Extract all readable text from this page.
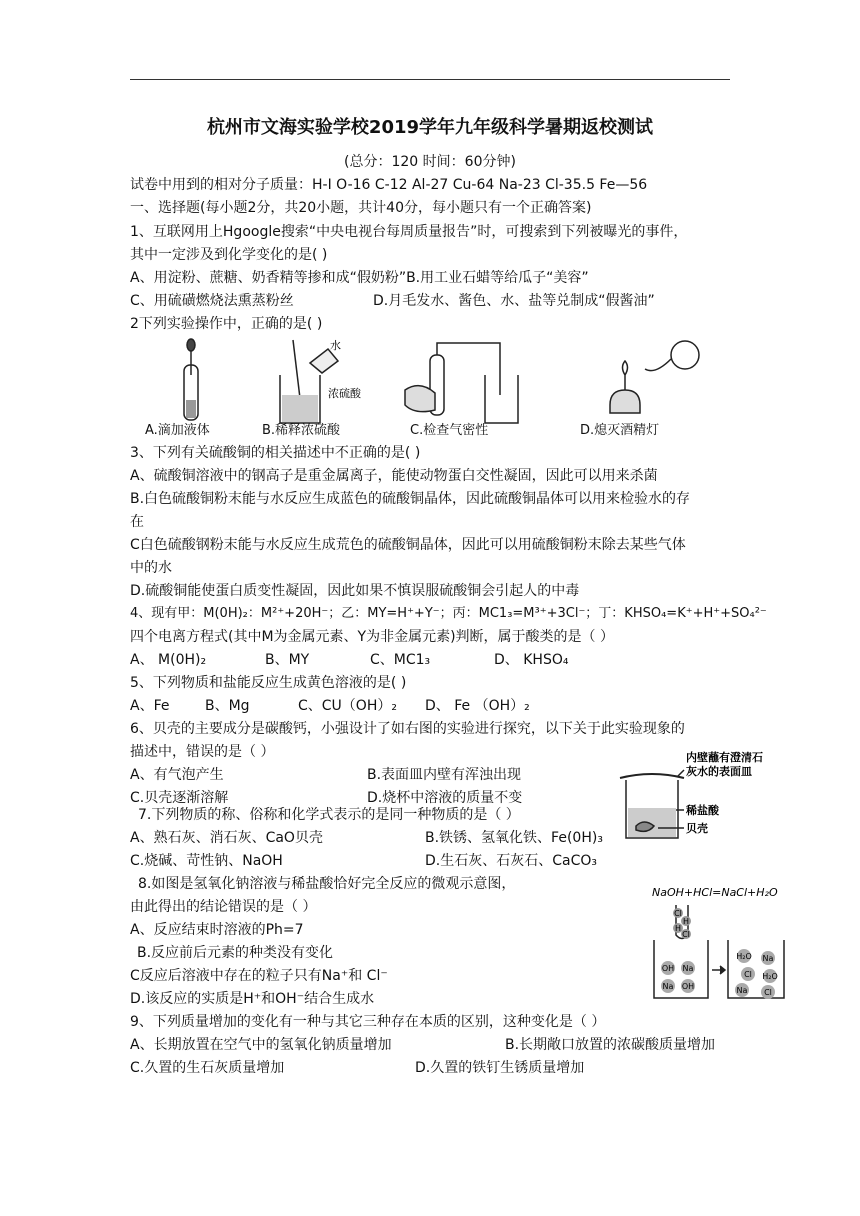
杭州市文海实验学校2019学年九年级科学暑期返校测试
(总分：120 时间：60分钟)
试卷中用到的相对分子质量：H-I O-16 C-12 Al-27 Cu-64 Na-23 Cl-35.5 Fe—56
一、选择题(每小题2分，共20小题，共计40分，每小题只有一个正确答案)
1、互联网用上Hgoogle搜索“中央电视台每周质量报告”时，可搜索到下列被曝光的事件，
其中一定涉及到化学变化的是( )
A、用淀粉、蔗糖、奶香精等掺和成“假奶粉”B.用工业石蜡等给瓜子“美容”
C、用硫磺燃烧法熏蒸粉丝	D.月毛发水、酱色、水、盐等兑制成“假酱油”
2下列实验操作中，正确的是( )
水
浓硫酸
A.滴加液体	B.稀释浓硫酸	C.检查气密性	D.熄灭酒精灯
3、下列有关硫酸铜的相关描述中不正确的是( )
A、硫酸铜溶液中的钢高子是重金属离子，能使动物蛋白交性凝固，因此可以用来杀菌
B.白色硫酸铜粉末能与水反应生成蓝色的硫酸铜晶体，因此硫酸铜晶体可以用来检验水的存
在
C白色硫酸钢粉末能与水反应生成荒色的硫酸铜晶体，因此可以用硫酸铜粉末除去某些气体
中的水
D.硫酸铜能使蛋白质变性凝固，因此如果不慎误服硫酸铜会引起人的中毒
4、现有甲：M(0H)₂：M²⁺+20H⁻；乙：MY=H⁺+Y⁻；丙：MC1₃=M³⁺+3Cl⁻；丁：KHSO₄=K⁺+H⁺+SO₄²⁻
四个电离方程式(其中M为金属元素、Y为非金属元素)判断，属于酸类的是（ ）
A、 M(0H)₂	B、MY	C、MC1₃	D、 KHSO₄
5、下列物质和盐能反应生成黄色溶液的是( )
A、Fe	B、Mg	C、CU（OH）₂ D、 Fe （OH）₂
6、贝壳的主要成分是碳酸钙，小强设计了如右图的实验进行探究，以下关于此实验现象的
描述中，错误的是（ ）
A、有气泡产生	B.表面皿内壁有浑浊出现
C.贝壳逐渐溶解	D.烧杯中溶液的质量不变
内壁蘸有澄清石
灰水的表面皿
稀盐酸
贝壳
7.下列物质的称、俗称和化学式表示的是同一种物质的是（ ）
A、熟石灰、消石灰、CaO贝壳	B.铁锈、氢氧化铁、Fe(0H)₃
C.烧碱、苛性钠、NaOH	D.生石灰、石灰石、CaCO₃
8.如图是氢氧化钠溶液与稀盐酸恰好完全反应的微观示意图，
由此得出的结论错误的是（ ）
A、反应结束时溶液的Ph=7
B.反应前后元素的种类没有变化
C反应后溶液中存在的粒子只有Na⁺和 Cl⁻
D.该反应的实质是H⁺和OH⁻结合生成水
NaOH+HCl=NaCl+H₂O
Cl
H
H
Cl
OH Na
Na OH
H₂O Na
Cl H₂O
Na Cl
9、下列质量增加的变化有一种与其它三种存在本质的区别，这种变化是（ ）
A、长期放置在空气中的氢氧化钠质量增加	B.长期敞口放置的浓碳酸质量增加
C.久置的生石灰质量增加	D.久置的铁钉生锈质量增加
